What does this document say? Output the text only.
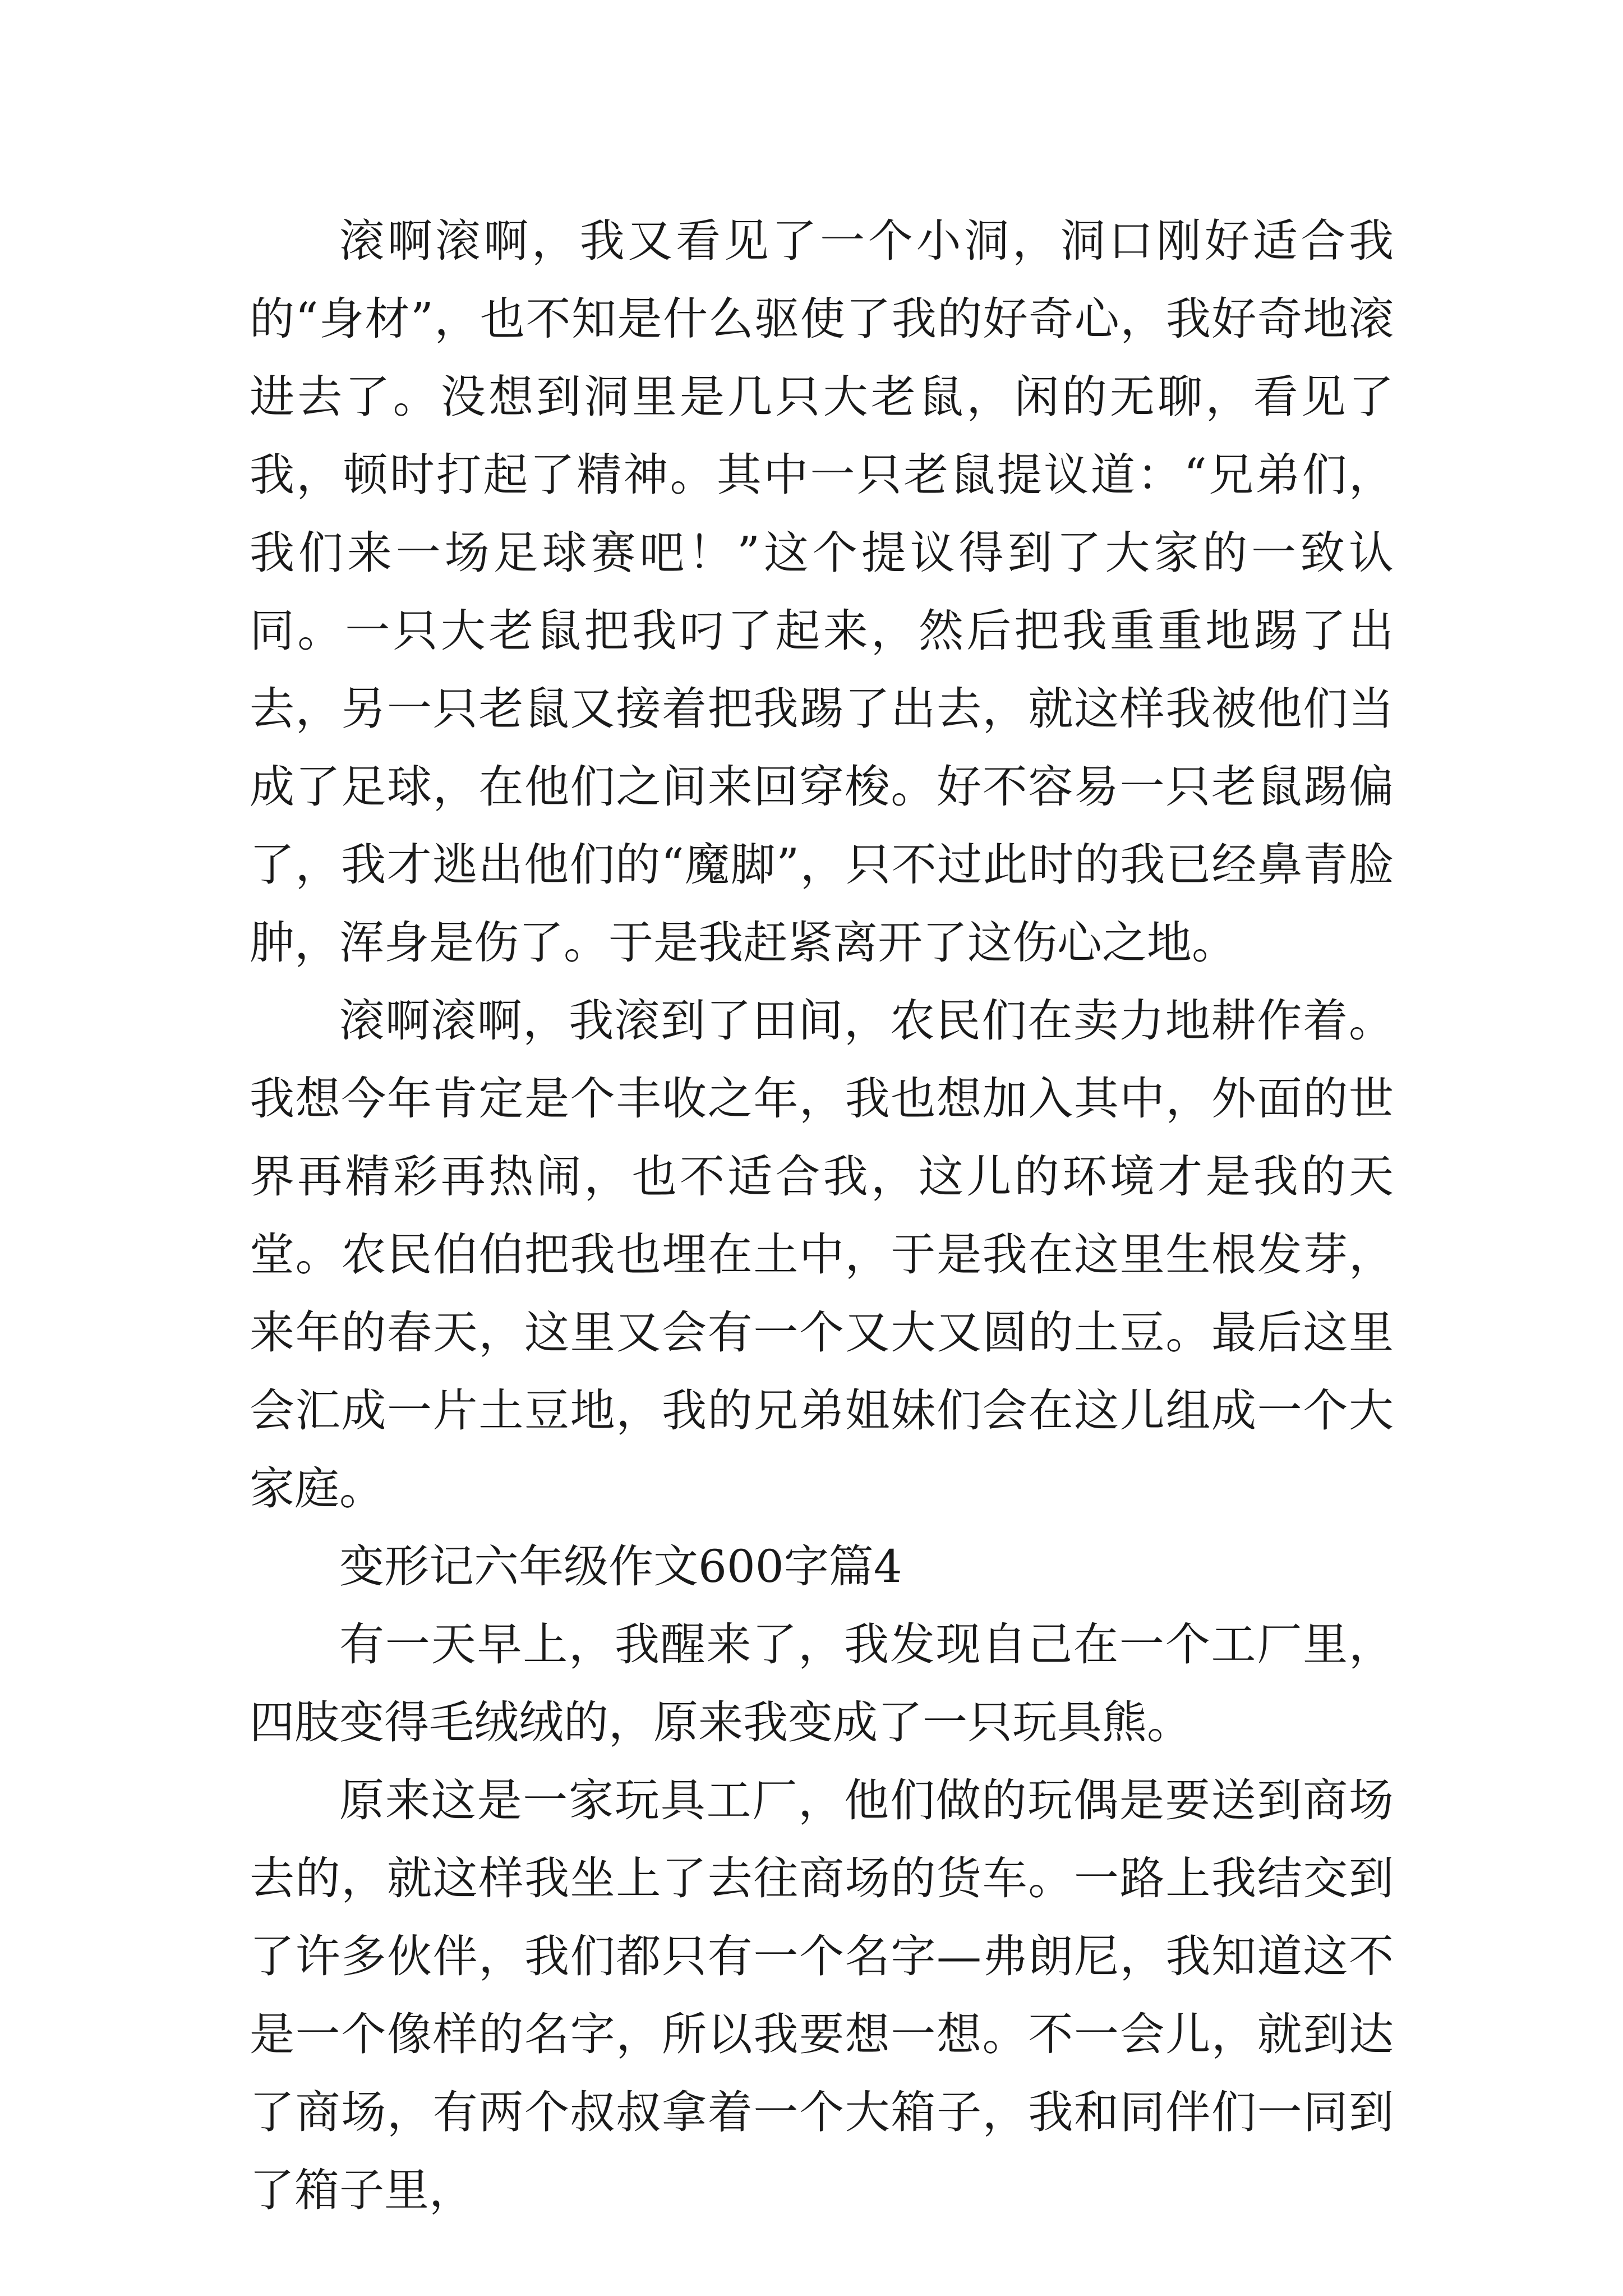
滚啊滚啊，我又看见了一个小洞，洞口刚好适合我的“身材”，也不知是什么驱使了我的好奇心，我好奇地滚进去了。没想到洞里是几只大老鼠，闲的无聊，看见了我，顿时打起了精神。其中一只老鼠提议道：“兄弟们，我们来一场足球赛吧！”这个提议得到了大家的一致认同。一只大老鼠把我叼了起来，然后把我重重地踢了出去，另一只老鼠又接着把我踢了出去，就这样我被他们当成了足球，在他们之间来回穿梭。好不容易一只老鼠踢偏了，我才逃出他们的“魔脚”，只不过此时的我已经鼻青脸肿，浑身是伤了。于是我赶紧离开了这伤心之地。

滚啊滚啊，我滚到了田间，农民们在卖力地耕作着。我想今年肯定是个丰收之年，我也想加入其中，外面的世界再精彩再热闹，也不适合我，这儿的环境才是我的天堂。农民伯伯把我也埋在土中，于是我在这里生根发芽，来年的春天，这里又会有一个又大又圆的土豆。最后这里会汇成一片土豆地，我的兄弟姐妹们会在这儿组成一个大家庭。

变形记六年级作文600字篇4

有一天早上，我醒来了，我发现自己在一个工厂里，四肢变得毛绒绒的，原来我变成了一只玩具熊。

原来这是一家玩具工厂，他们做的玩偶是要送到商场去的，就这样我坐上了去往商场的货车。一路上我结交到了许多伙伴，我们都只有一个名字—弗朗尼，我知道这不是一个像样的名字，所以我要想一想。不一会儿，就到达了商场，有两个叔叔拿着一个大箱子，我和同伴们一同到了箱子里，
